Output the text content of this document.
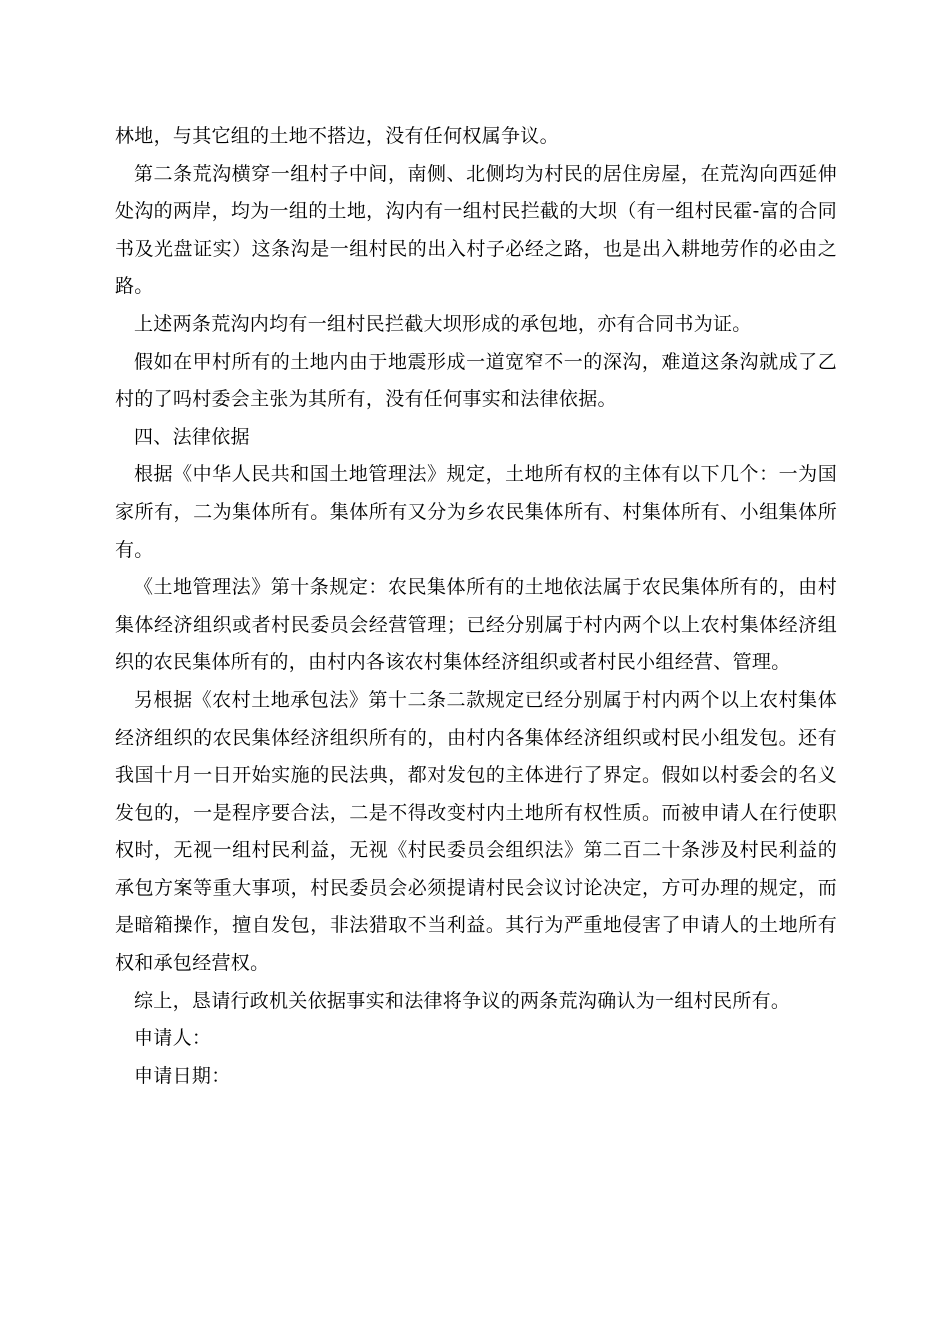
林地，与其它组的土地不搭边，没有任何权属争议。

第二条荒沟横穿一组村子中间，南侧、北侧均为村民的居住房屋，在荒沟向西延伸处沟的两岸，均为一组的土地，沟内有一组村民拦截的大坝（有一组村民霍-富的合同书及光盘证实）这条沟是一组村民的出入村子必经之路，也是出入耕地劳作的必由之路。

上述两条荒沟内均有一组村民拦截大坝形成的承包地，亦有合同书为证。

假如在甲村所有的土地内由于地震形成一道宽窄不一的深沟，难道这条沟就成了乙村的了吗村委会主张为其所有，没有任何事实和法律依据。

四、法律依据

根据《中华人民共和国土地管理法》规定，土地所有权的主体有以下几个：一为国家所有，二为集体所有。集体所有又分为乡农民集体所有、村集体所有、小组集体所有。

《土地管理法》第十条规定：农民集体所有的土地依法属于农民集体所有的，由村集体经济组织或者村民委员会经营管理；已经分别属于村内两个以上农村集体经济组织的农民集体所有的，由村内各该农村集体经济组织或者村民小组经营、管理。

另根据《农村土地承包法》第十二条二款规定已经分别属于村内两个以上农村集体经济组织的农民集体经济组织所有的，由村内各集体经济组织或村民小组发包。还有我国十月一日开始实施的民法典，都对发包的主体进行了界定。假如以村委会的名义发包的，一是程序要合法，二是不得改变村内土地所有权性质。而被申请人在行使职权时，无视一组村民利益，无视《村民委员会组织法》第二百二十条涉及村民利益的承包方案等重大事项，村民委员会必须提请村民会议讨论决定，方可办理的规定，而是暗箱操作，擅自发包，非法猎取不当利益。其行为严重地侵害了申请人的土地所有权和承包经营权。

综上，恳请行政机关依据事实和法律将争议的两条荒沟确认为一组村民所有。

申请人：

申请日期：
